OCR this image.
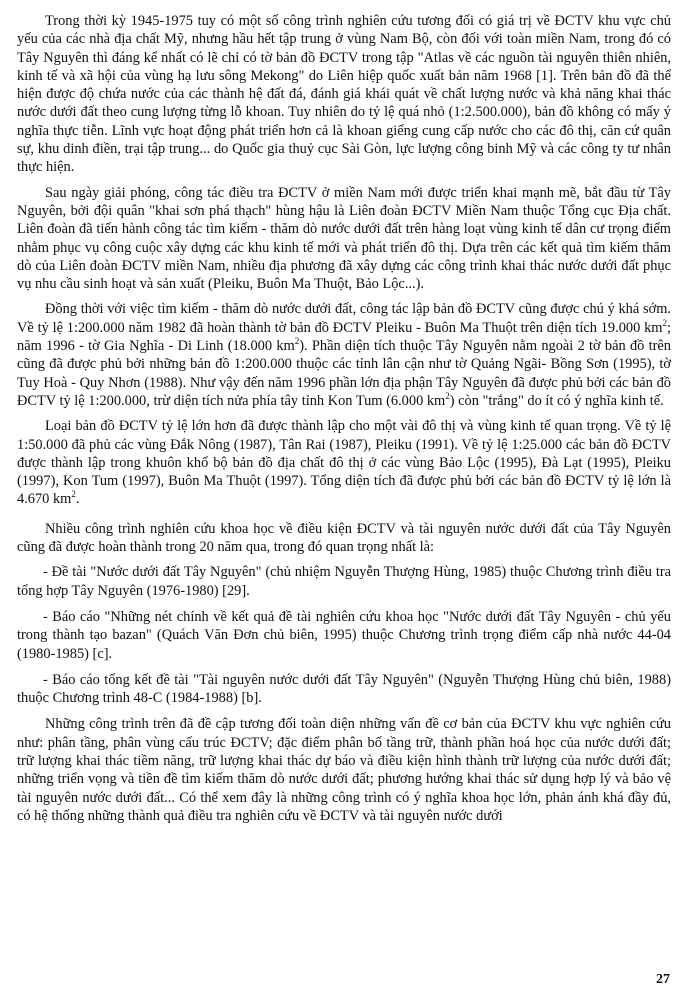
Trong thời kỳ 1945-1975 tuy có một số công trình nghiên cứu tương đối có giá trị về ĐCTV khu vực chủ yếu của các nhà địa chất Mỹ, nhưng hầu hết tập trung ở vùng Nam Bộ, còn đối với toàn miền Nam, trong đó có Tây Nguyên thì đáng kể nhất có lẽ chỉ có tờ bản đồ ĐCTV trong tập "Atlas về các nguồn tài nguyên thiên nhiên, kinh tế và xã hội của vùng hạ lưu sông Mekong" do Liên hiệp quốc xuất bản năm 1968 [1]. Trên bản đồ đã thể hiện được độ chứa nước của các thành hệ đất đá, đánh giá khái quát về chất lượng nước và khả năng khai thác nước dưới đất theo cung lượng từng lỗ khoan. Tuy nhiên do tỷ lệ quá nhỏ (1:2.500.000), bản đồ không có mấy ý nghĩa thực tiễn. Lĩnh vực hoạt động phát triển hơn cả là khoan giếng cung cấp nước cho các đô thị, căn cứ quân sự, khu dinh điền, trại tập trung... do Quốc gia thuỷ cục Sài Gòn, lực lượng công binh Mỹ và các công ty tư nhân thực hiện.

Sau ngày giải phóng, công tác điều tra ĐCTV ở miền Nam mới được triển khai mạnh mẽ, bắt đầu từ Tây Nguyên, bởi đội quân "khai sơn phá thạch" hùng hậu là Liên đoàn ĐCTV Miền Nam thuộc Tổng cục Địa chất. Liên đoàn đã tiến hành công tác tìm kiếm - thăm dò nước dưới đất trên hàng loạt vùng kinh tế dân cư trọng điểm nhằm phục vụ công cuộc xây dựng các khu kinh tế mới và phát triển đô thị. Dựa trên các kết quả tìm kiếm thăm dò của Liên đoàn ĐCTV miền Nam, nhiều địa phương đã xây dựng các công trình khai thác nước dưới đất phục vụ nhu cầu sinh hoạt và sản xuất (Pleiku, Buôn Ma Thuột, Bảo Lộc...).

Đồng thời với việc tìm kiếm - thăm dò nước dưới đất, công tác lập bản đồ ĐCTV cũng được chú ý khá sớm. Về tỷ lệ 1:200.000 năm 1982 đã hoàn thành tờ bản đồ ĐCTV Pleiku - Buôn Ma Thuột trên diện tích 19.000 $km^2$; năm 1996 - tờ Gia Nghĩa - Di Linh (18.000 $km^2$). Phần diện tích thuộc Tây Nguyên nằm ngoài 2 tờ bản đồ trên cũng đã được phủ bởi những bản đồ 1:200.000 thuộc các tỉnh lân cận như tờ Quảng Ngãi- Bồng Sơn (1995), tờ Tuy Hoà - Quy Nhơn (1988). Như vậy đến năm 1996 phần lớn địa phận Tây Nguyên đã được phủ bởi các bản đồ ĐCTV tỷ lệ 1:200.000, trừ diện tích nửa phía tây tỉnh Kon Tum (6.000 $km^2$) còn "trắng" do ít có ý nghĩa kinh tế.

Loại bản đồ ĐCTV tỷ lệ lớn hơn đã được thành lập cho một vài đô thị và vùng kinh tế quan trọng. Về tỷ lệ 1:50.000 đã phủ các vùng Đắk Nông (1987), Tân Rai (1987), Pleiku (1991). Về tỷ lệ 1:25.000 các bản đồ ĐCTV được thành lập trong khuôn khổ bộ bản đồ địa chất đô thị ở các vùng Bảo Lộc (1995), Đà Lạt (1995), Pleiku (1997), Kon Tum (1997), Buôn Ma Thuột (1997). Tổng diện tích đã được phủ bởi các bản đồ ĐCTV tỷ lệ lớn là 4.670 $km^2$.

Nhiều công trình nghiên cứu khoa học về điều kiện ĐCTV và tài nguyên nước dưới đất của Tây Nguyên cũng đã được hoàn thành trong 20 năm qua, trong đó quan trọng nhất là:

- Đề tài "Nước dưới đất Tây Nguyên" (chủ nhiệm Nguyễn Thượng Hùng, 1985) thuộc Chương trình điều tra tổng hợp Tây Nguyên (1976-1980) [29].

- Báo cáo "Những nét chính về kết quả đề tài nghiên cứu khoa học "Nước dưới đất Tây Nguyên - chủ yếu trong thành tạo bazan" (Quách Văn Đơn chủ biên, 1995) thuộc Chương trình trọng điểm cấp nhà nước 44-04 (1980-1985) [c].

- Báo cáo tổng kết đề tài "Tài nguyên nước dưới đất Tây Nguyên" (Nguyễn Thượng Hùng chủ biên, 1988) thuộc Chương trình 48-C (1984-1988) [b].

Những công trình trên đã đề cập tương đối toàn diện những vấn đề cơ bản của ĐCTV khu vực nghiên cứu như: phân tầng, phân vùng cấu trúc ĐCTV; đặc điểm phân bố tầng trữ, thành phần hoá học của nước dưới đất; trữ lượng khai thác tiềm năng, trữ lượng khai thác dự báo và điều kiện hình thành trữ lượng của nước dưới đất; những triển vọng và tiền đề tìm kiếm thăm dò nước dưới đất; phương hướng khai thác sử dụng hợp lý và bảo vệ tài nguyên nước dưới đất... Có thể xem đây là những công trình có ý nghĩa khoa học lớn, phản ánh khá đầy đủ, có hệ thống những thành quả điều tra nghiên cứu về ĐCTV và tài nguyên nước dưới

27
